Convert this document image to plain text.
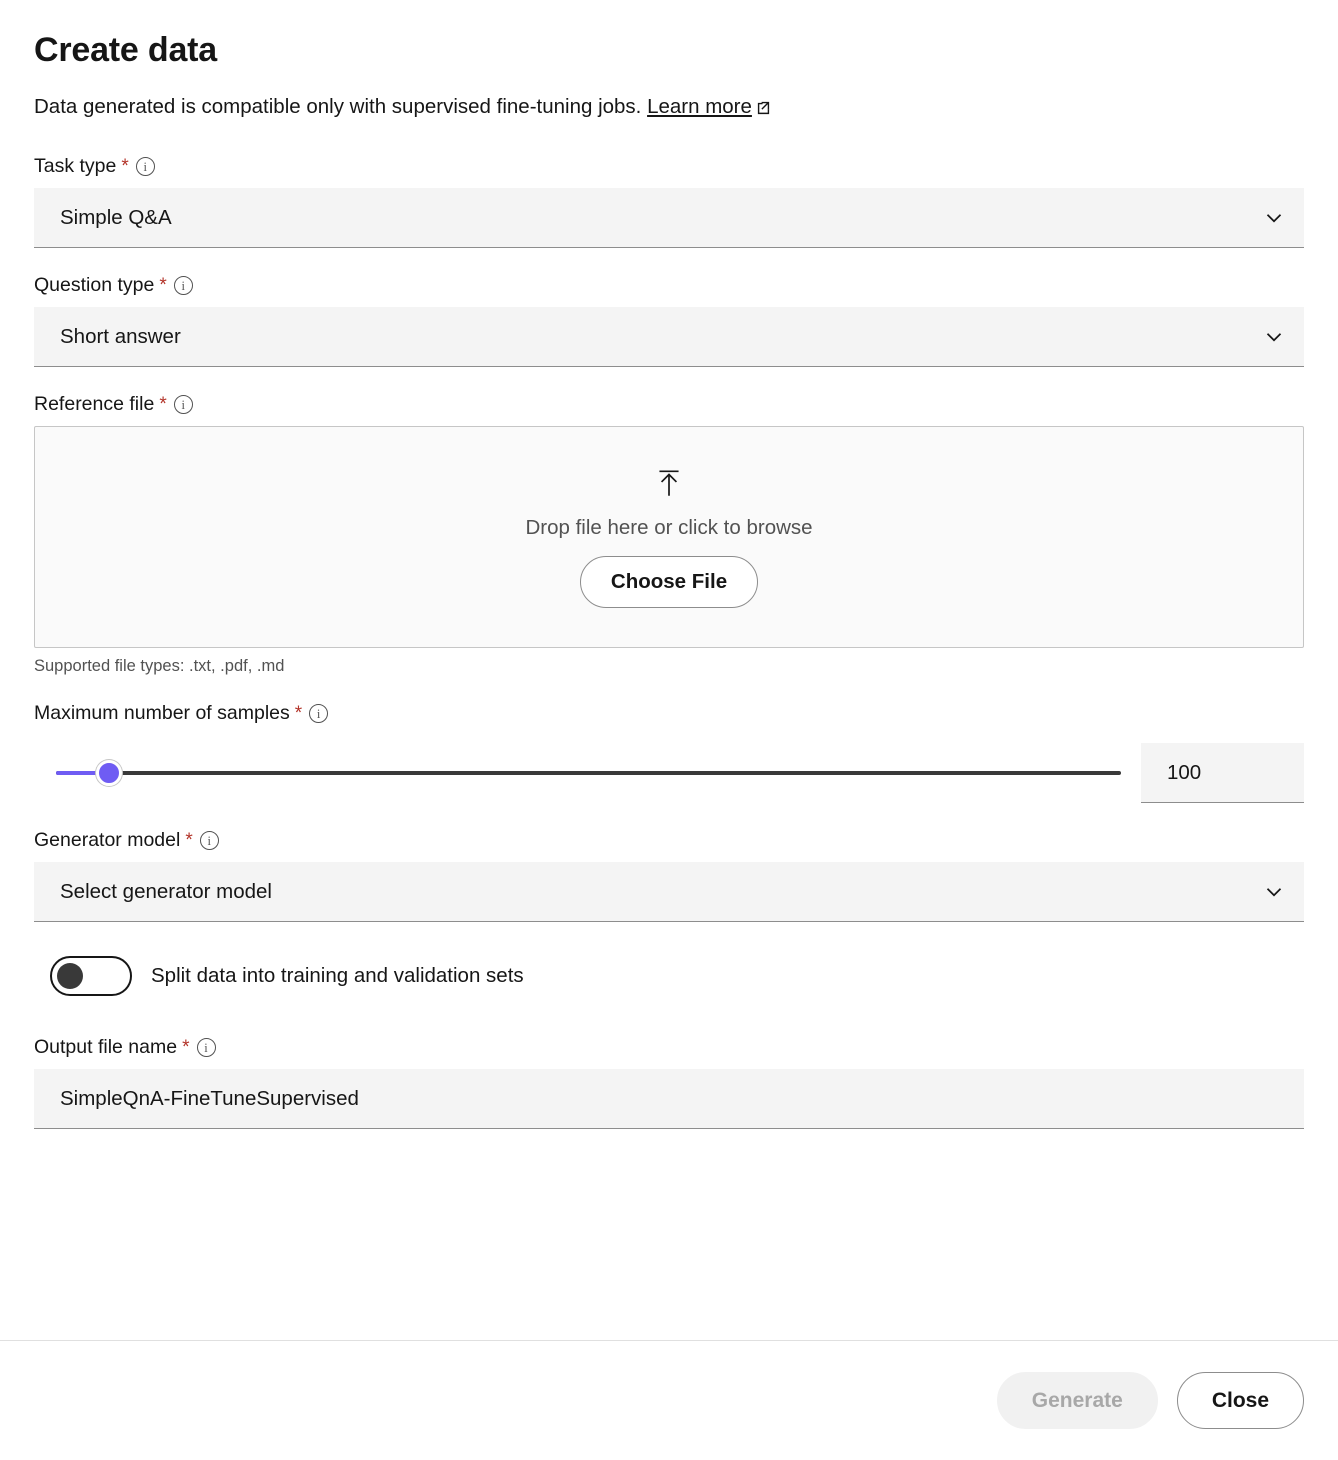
Create data

Data generated is compatible only with supervised fine-tuning jobs. Learn more

Task type *	i
Simple Q&A
Question type *	i
Short answer
Reference file *	i
Drop file here or click to browse
Choose File
Supported file types: .txt, .pdf, .md
Maximum number of samples *	i
100
Generator model *	i
Select generator model
Split data into training and validation sets
Output file name *	i
SimpleQnA-FineTuneSupervised
Generate	Close
